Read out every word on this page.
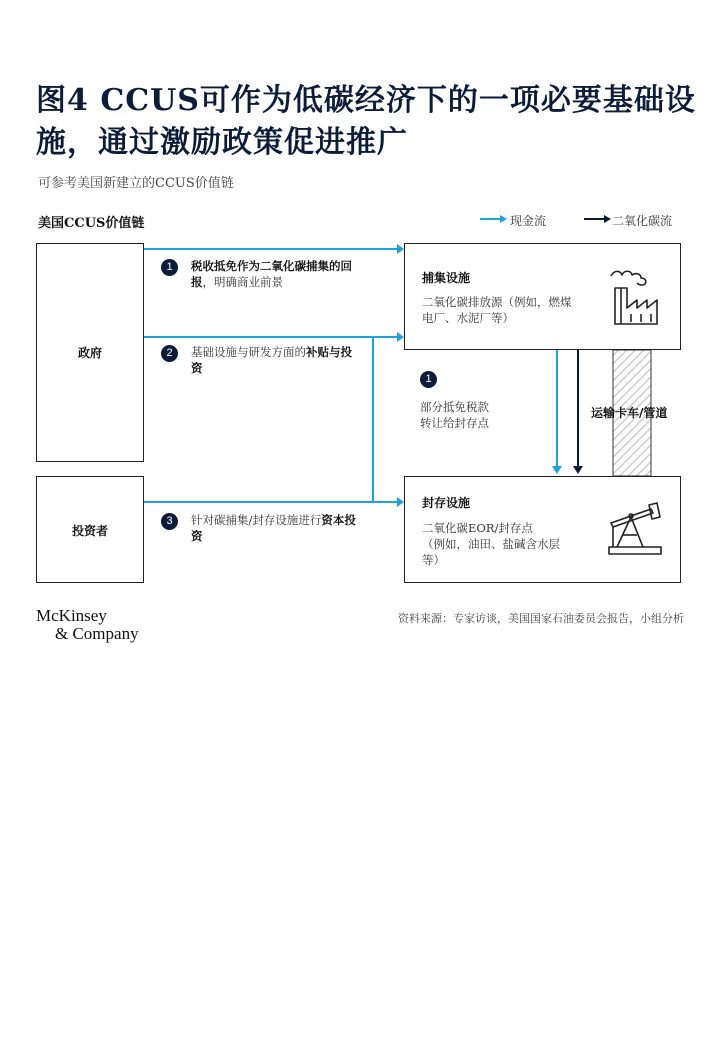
图4 CCUS可作为低碳经济下的一项必要基础设施，通过激励政策促进推广
可参考美国新建立的CCUS价值链
美国CCUS价值链	现金流	二氧化碳流
政府
投资者
捕集设施
二氧化碳排放源（例如，燃煤电厂、水泥厂等）
封存设施
二氧化碳EOR/封存点
（例如，油田、盐碱含水层等）
1	税收抵免作为二氧化碳捕集的回报，明确商业前景
2	基础设施与研发方面的补贴与投资
3	针对碳捕集/封存设施进行资本投资
1
部分抵免税款
转让给封存点
运输卡车/管道
McKinsey
& Company
资料来源：专家访谈，美国国家石油委员会报告，小组分析
